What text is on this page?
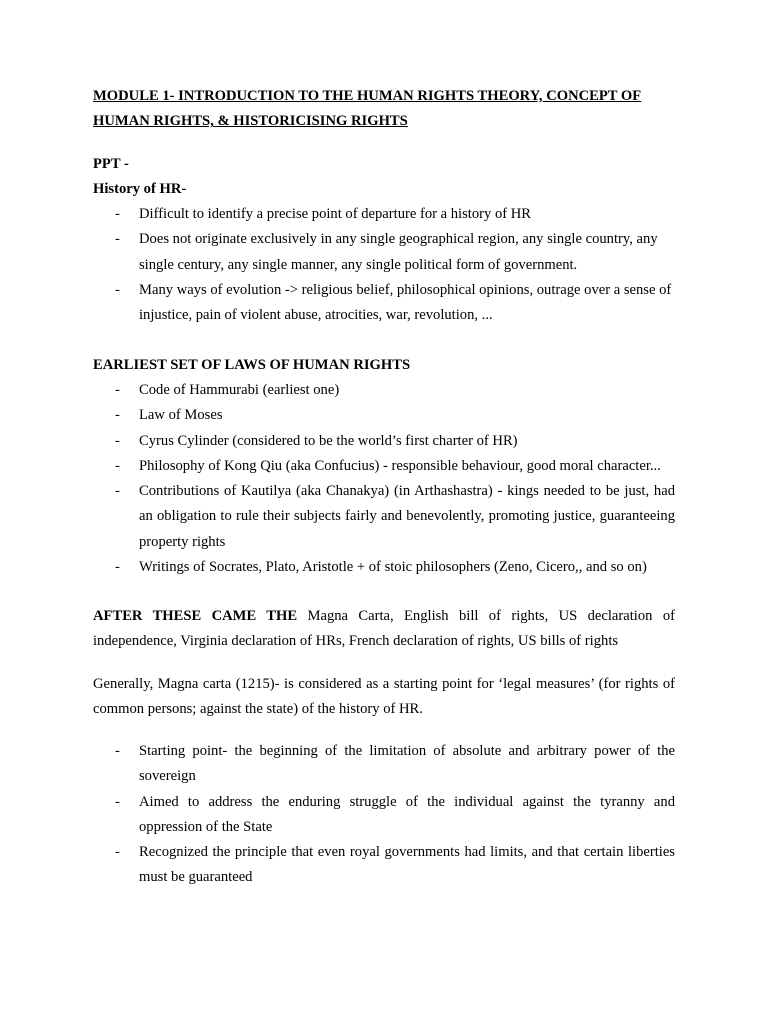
MODULE 1- INTRODUCTION TO THE HUMAN RIGHTS THEORY, CONCEPT OF HUMAN RIGHTS, & HISTORICISING RIGHTS
PPT -
History of HR-
- Difficult to identify a precise point of departure for a history of HR
- Does not originate exclusively in any single geographical region, any single country, any single century, any single manner, any single political form of government.
- Many ways of evolution -> religious belief, philosophical opinions, outrage over a sense of injustice, pain of violent abuse, atrocities, war, revolution, ...
EARLIEST SET OF LAWS OF HUMAN RIGHTS
- Code of Hammurabi (earliest one)
- Law of Moses
- Cyrus Cylinder (considered to be the world’s first charter of HR)
- Philosophy of Kong Qiu (aka Confucius) - responsible behaviour, good moral character...
- Contributions of Kautilya (aka Chanakya) (in Arthashastra) - kings needed to be just, had an obligation to rule their subjects fairly and benevolently, promoting justice, guaranteeing property rights
- Writings of Socrates, Plato, Aristotle + of stoic philosophers (Zeno, Cicero,, and so on)
AFTER THESE CAME THE Magna Carta, English bill of rights, US declaration of independence, Virginia declaration of HRs, French declaration of rights, US bills of rights
Generally, Magna carta (1215)- is considered as a starting point for ‘legal measures’ (for rights of common persons; against the state) of the history of HR.
- Starting point- the beginning of the limitation of absolute and arbitrary power of the sovereign
- Aimed to address the enduring struggle of the individual against the tyranny and oppression of the State
- Recognized the principle that even royal governments had limits, and that certain liberties must be guaranteed
